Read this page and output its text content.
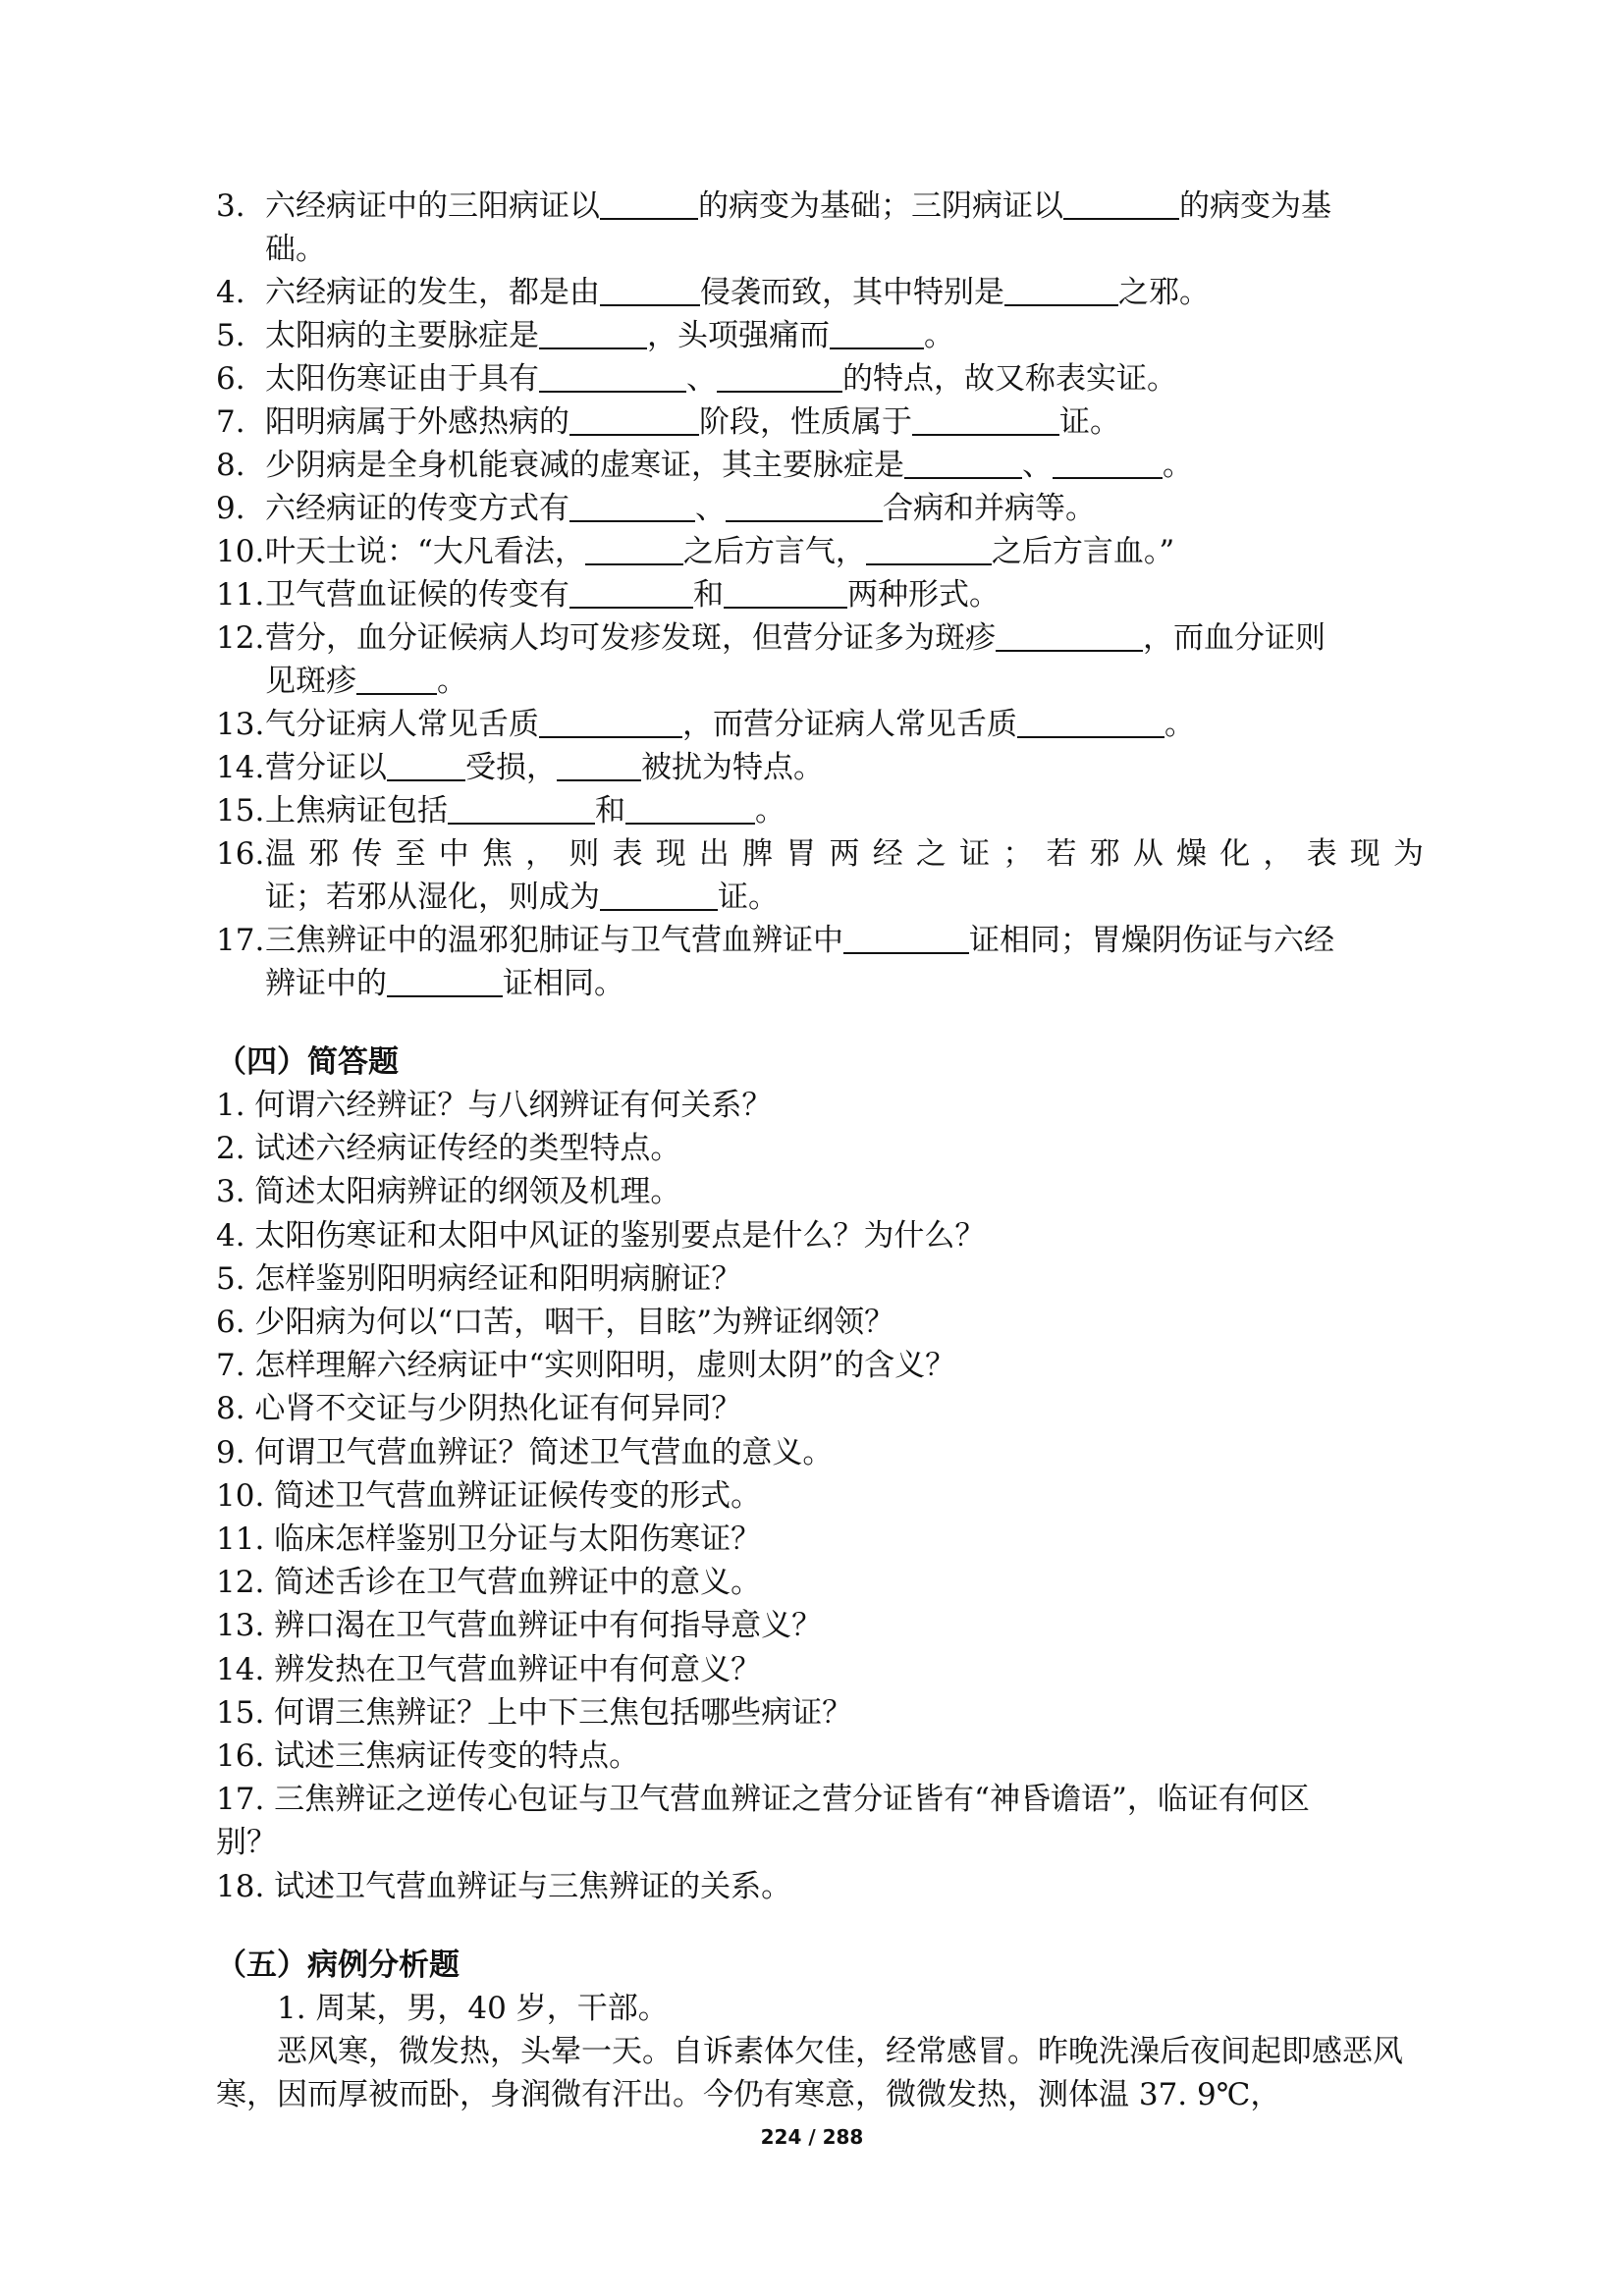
3. 六经病证中的三阳病证以	的病变为基础；三阴病证以	的病变为基
础。
4. 六经病证的发生，都是由	侵袭而致，其中特别是	之邪。
5. 太阳病的主要脉症是	，头项强痛而	。
6. 太阳伤寒证由于具有	、	的特点，故又称表实证。
7. 阳明病属于外感热病的	阶段，性质属于	证。
8. 少阴病是全身机能衰减的虚寒证，其主要脉症是	、	。
9. 六经病证的传变方式有	、	合病和并病等。
10. 叶天士说：“大凡看法，	之后方言气，	之后方言血。”
11. 卫气营血证候的传变有	和	两种形式。
12. 营分，血分证候病人均可发疹发斑，但营分证多为斑疹	，而血分证则
见斑疹	。
13. 气分证病人常见舌质	，而营分证病人常见舌质	。
14. 营分证以	受损，	被扰为特点。
15. 上焦病证包括	和	。
16. 温邪传至中焦，则表现出脾胃两经之证；若邪从燥化，表现为
证；若邪从湿化，则成为	证。
17. 三焦辨证中的温邪犯肺证与卫气营血辨证中	证相同；胃燥阴伤证与六经
辨证中的	证相同。

（四）简答题

1. 何谓六经辨证？与八纲辨证有何关系？

2. 试述六经病证传经的类型特点。

3. 简述太阳病辨证的纲领及机理。

4. 太阳伤寒证和太阳中风证的鉴别要点是什么？为什么？

5. 怎样鉴别阳明病经证和阳明病腑证？

6. 少阳病为何以“口苦，咽干，目眩”为辨证纲领？

7. 怎样理解六经病证中“实则阳明，虚则太阴”的含义？

8. 心肾不交证与少阴热化证有何异同？

9. 何谓卫气营血辨证？简述卫气营血的意义。

10. 简述卫气营血辨证证候传变的形式。

11. 临床怎样鉴别卫分证与太阳伤寒证？

12. 简述舌诊在卫气营血辨证中的意义。

13. 辨口渴在卫气营血辨证中有何指导意义？

14. 辨发热在卫气营血辨证中有何意义？

15. 何谓三焦辨证？上中下三焦包括哪些病证？

16. 试述三焦病证传变的特点。

17. 三焦辨证之逆传心包证与卫气营血辨证之营分证皆有“神昏谵语”，临证有何区

别？

18. 试述卫气营血辨证与三焦辨证的关系。

（五）病例分析题

1. 周某，男，40 岁，干部。

恶风寒，微发热，头晕一天。自诉素体欠佳，经常感冒。昨晚洗澡后夜间起即感恶风寒，因而厚被而卧，身润微有汗出。今仍有寒意，微微发热，测体温 37. 9℃，

224 / 288
